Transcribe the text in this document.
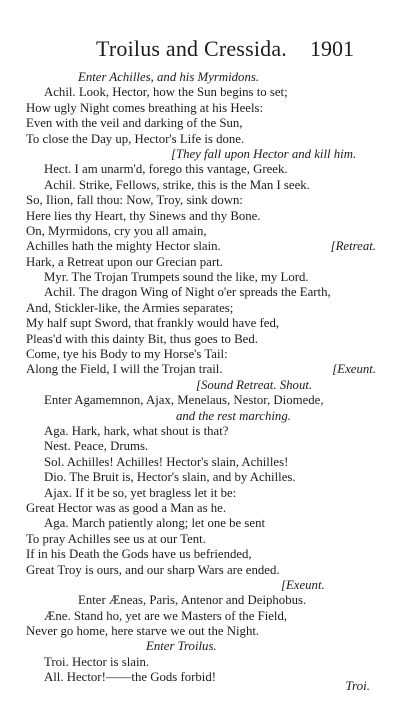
Troilus and Cressida. 1901
Enter Achilles, and his Myrmidons.
Achil. Look, Hector, how the Sun begins to set;
How ugly Night comes breathing at his Heels:
Even with the veil and darking of the Sun,
To close the Day up, Hector's Life is done.
[They fall upon Hector and kill him.
Hect. I am unarm'd, forego this vantage, Greek.
Achil. Strike, Fellows, strike, this is the Man I seek.
So, Ilion, fall thou: Now, Troy, sink down:
Here lies thy Heart, thy Sinews and thy Bone.
On, Myrmidons, cry you all amain,
Achilles hath the mighty Hector slain.	[Retreat.
Hark, a Retreat upon our Grecian part.
Myr. The Trojan Trumpets sound the like, my Lord.
Achil. The dragon Wing of Night o'er spreads the Earth,
And, Stickler-like, the Armies separates;
My half supt Sword, that frankly would have fed,
Pleas'd with this dainty Bit, thus goes to Bed.
Come, tye his Body to my Horse's Tail:
Along the Field, I will the Trojan trail.	[Exeunt.
[Sound Retreat. Shout.
Enter Agamemnon, Ajax, Menelaus, Nestor, Diomede,
and the rest marching.
Aga. Hark, hark, what shout is that?
Nest. Peace, Drums.
Sol. Achilles! Achilles! Hector's slain, Achilles!
Dio. The Bruit is, Hector's slain, and by Achilles.
Ajax. If it be so, yet bragless let it be:
Great Hector was as good a Man as he.
Aga. March patiently along; let one be sent
To pray Achilles see us at our Tent.
If in his Death the Gods have us befriended,
Great Troy is ours, and our sharp Wars are ended.
[Exeunt.
Enter Æneas, Paris, Antenor and Deiphobus.
Æne. Stand ho, yet are we Masters of the Field,
Never go home, here starve we out the Night.
Enter Troilus.
Troi. Hector is slain.
All. Hector!——the Gods forbid!
Troi.
